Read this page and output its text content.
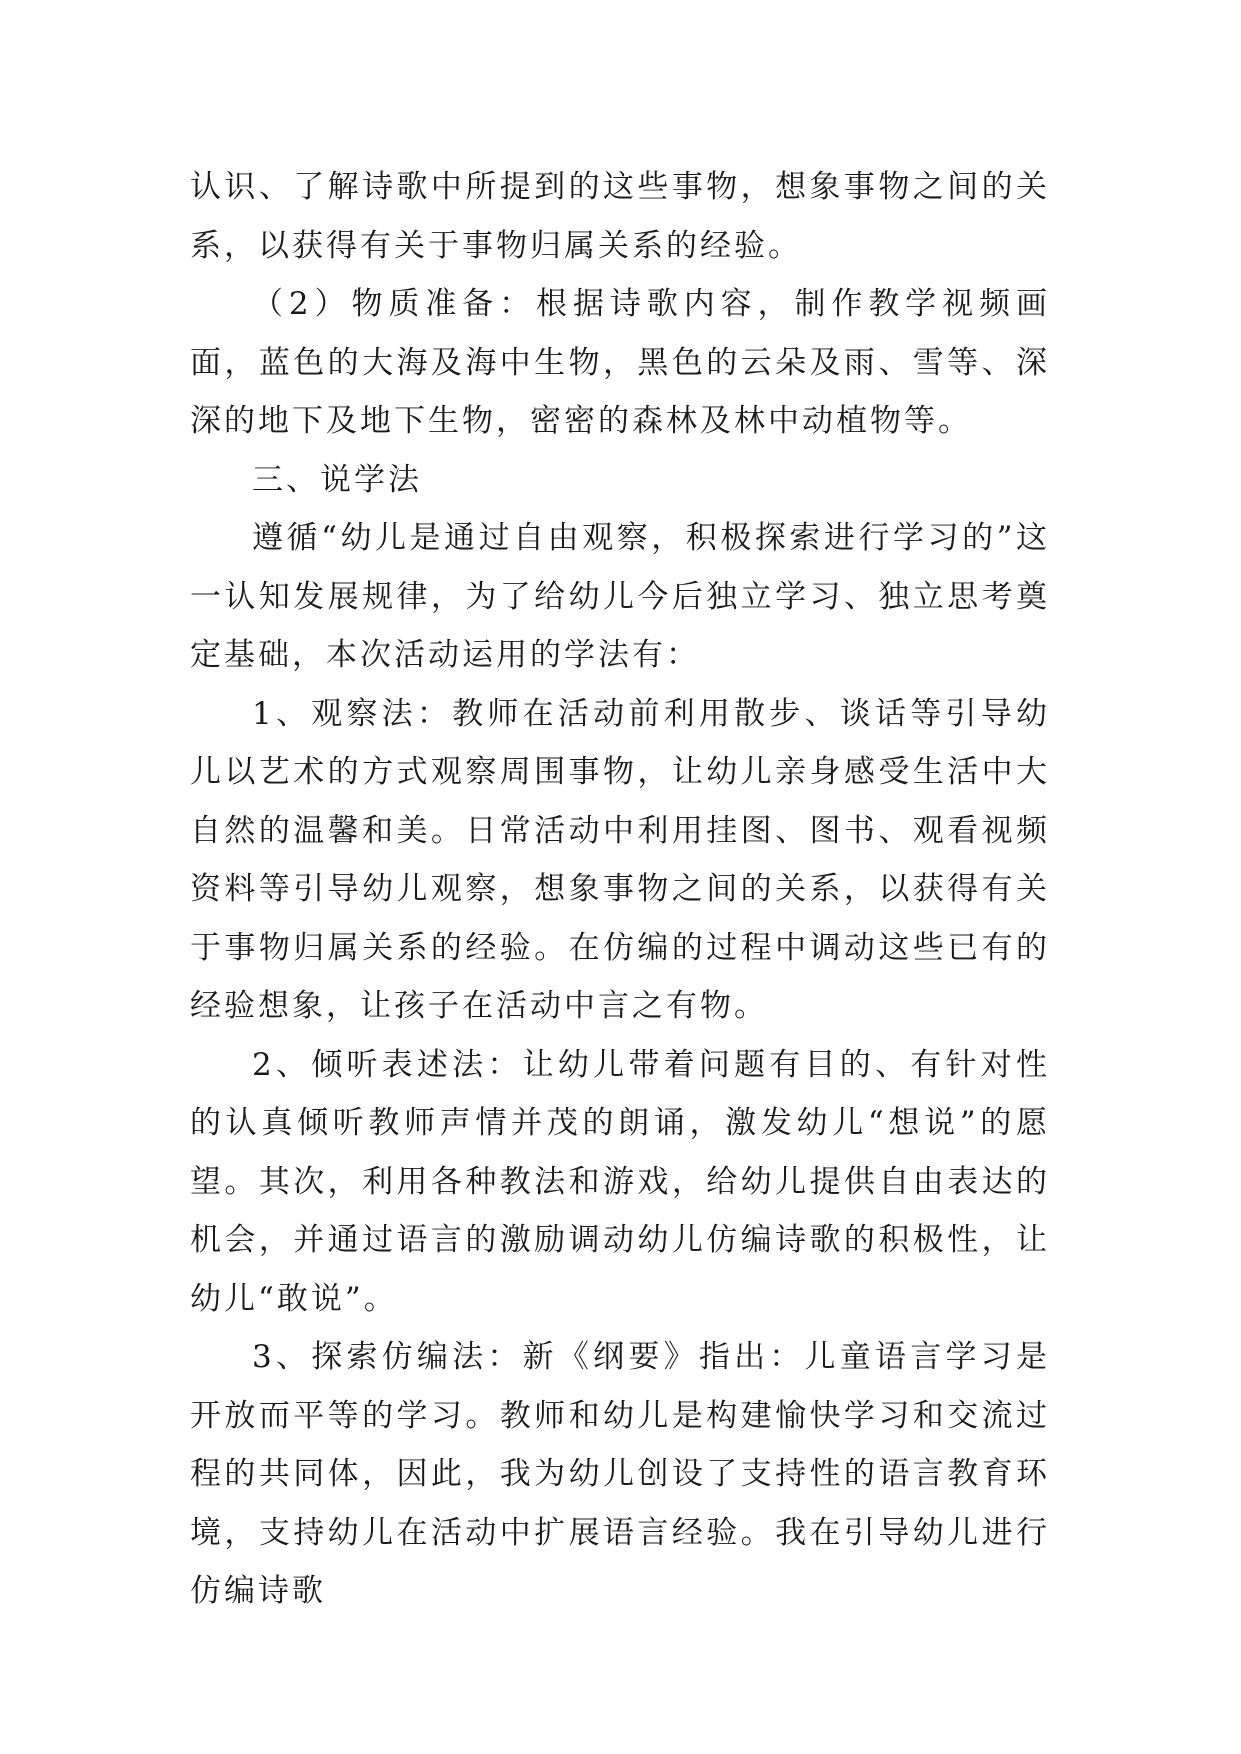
认识、了解诗歌中所提到的这些事物，想象事物之间的关系，以获得有关于事物归属关系的经验。

（2）物质准备：根据诗歌内容，制作教学视频画面，蓝色的大海及海中生物，黑色的云朵及雨、雪等、深深的地下及地下生物，密密的森林及林中动植物等。

三、说学法

遵循“幼儿是通过自由观察，积极探索进行学习的”这一认知发展规律，为了给幼儿今后独立学习、独立思考奠定基础，本次活动运用的学法有：

1、观察法：教师在活动前利用散步、谈话等引导幼儿以艺术的方式观察周围事物，让幼儿亲身感受生活中大自然的温馨和美。日常活动中利用挂图、图书、观看视频资料等引导幼儿观察，想象事物之间的关系，以获得有关于事物归属关系的经验。在仿编的过程中调动这些已有的经验想象，让孩子在活动中言之有物。

2、倾听表述法：让幼儿带着问题有目的、有针对性的认真倾听教师声情并茂的朗诵，激发幼儿“想说”的愿望。其次，利用各种教法和游戏，给幼儿提供自由表达的机会，并通过语言的激励调动幼儿仿编诗歌的积极性，让幼儿“敢说”。

3、探索仿编法：新《纲要》指出：儿童语言学习是开放而平等的学习。教师和幼儿是构建愉快学习和交流过程的共同体，因此，我为幼儿创设了支持性的语言教育环境，支持幼儿在活动中扩展语言经验。我在引导幼儿进行仿编诗歌
